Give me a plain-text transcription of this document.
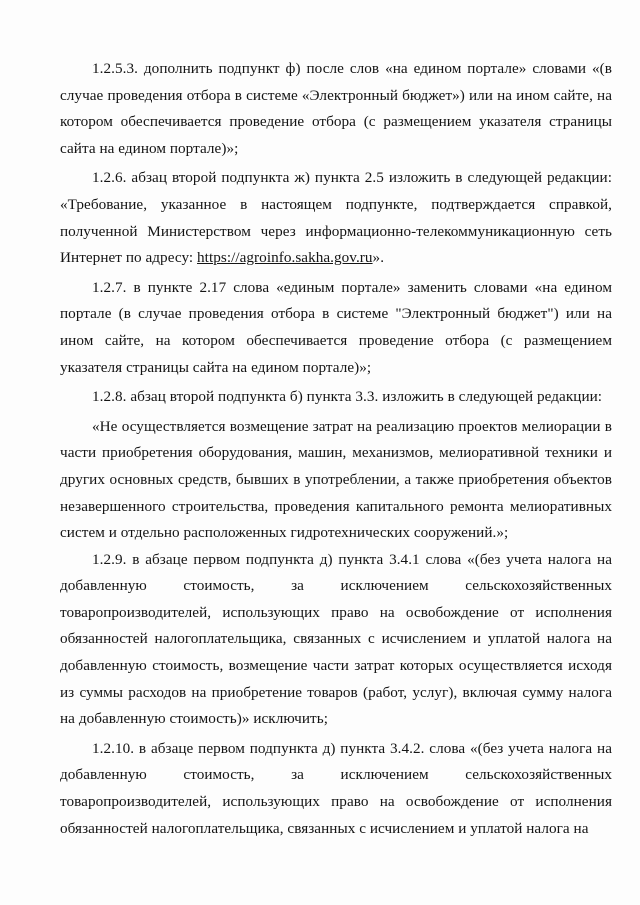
1.2.5.3. дополнить подпункт ф) после слов «на едином портале» словами «(в случае проведения отбора в системе «Электронный бюджет») или на ином сайте, на котором обеспечивается проведение отбора (с размещением указателя страницы сайта на едином портале)»;

1.2.6. абзац второй подпункта ж) пункта 2.5 изложить в следующей редакции: «Требование, указанное в настоящем подпункте, подтверждается справкой, полученной Министерством через информационно-телекоммуникационную сеть Интернет по адресу: https://agroinfo.sakha.gov.ru».

1.2.7. в пункте 2.17 слова «единым портале» заменить словами «на едином портале (в случае проведения отбора в системе "Электронный бюджет") или на ином сайте, на котором обеспечивается проведение отбора (с размещением указателя страницы сайта на едином портале)»;

1.2.8. абзац второй подпункта б) пункта 3.3. изложить в следующей редакции:

«Не осуществляется возмещение затрат на реализацию проектов мелиорации в части приобретения оборудования, машин, механизмов, мелиоративной техники и других основных средств, бывших в употреблении, а также приобретения объектов незавершенного строительства, проведения капитального ремонта мелиоративных систем и отдельно расположенных гидротехнических сооружений.»;

1.2.9. в абзаце первом подпункта д) пункта 3.4.1 слова «(без учета налога на добавленную стоимость, за исключением сельскохозяйственных товаропроизводителей, использующих право на освобождение от исполнения обязанностей налогоплательщика, связанных с исчислением и уплатой налога на добавленную стоимость, возмещение части затрат которых осуществляется исходя из суммы расходов на приобретение товаров (работ, услуг), включая сумму налога на добавленную стоимость)» исключить;

1.2.10. в абзаце первом подпункта д) пункта 3.4.2. слова «(без учета налога на добавленную стоимость, за исключением сельскохозяйственных товаропроизводителей, использующих право на освобождение от исполнения обязанностей налогоплательщика, связанных с исчислением и уплатой налога на
